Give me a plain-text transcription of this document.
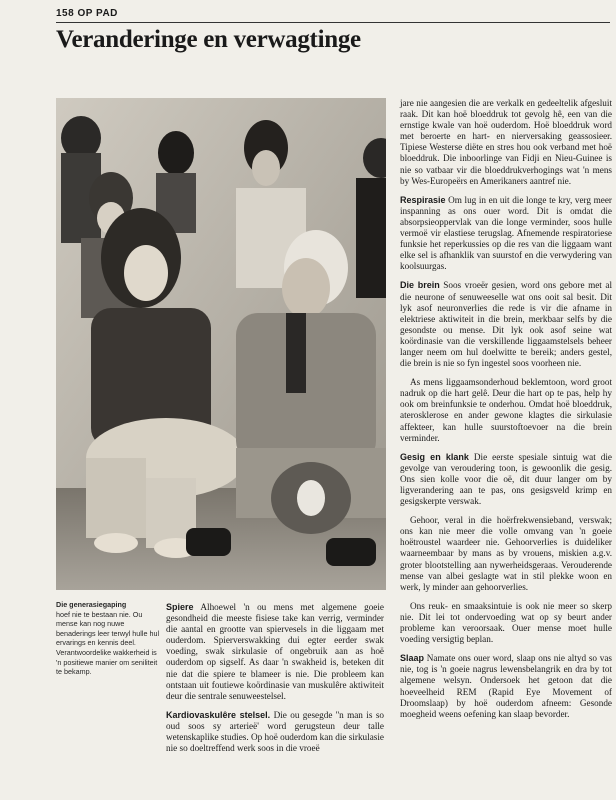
158 OP PAD
Veranderinge en verwagtinge
Die generasiegaping
hoef nie te bestaan nie. Ou mense kan nog nuwe benaderings leer terwyl hulle hul ervarings en kennis deel. Verantwoordelike wakkerheid is 'n positiewe manier om seniliteit te bekamp.

Spiere Alhoewel 'n ou mens met algemene goeie gesondheid die meeste fisiese take kan verrig, verminder die aantal en grootte van spiervesels in die liggaam met ouderdom. Spierverswakking dui egter eerder swak voeding, swak sirkulasie of ongebruik aan as hoë ouderdom op sigself. As daar 'n swakheid is, beteken dit nie dat die spiere te blameer is nie. Die probleem kan ontstaan uit foutiewe koördinasie van muskulêre aktiwiteit deur die sentrale senuweestelsel.

Kardiovaskulêre stelsel. Die ou gesegde ''n man is so oud soos sy arterieë' word gerugsteun deur talle wetenskaplike studies. Op hoë ouderdom kan die sirkulasie nie so doeltreffend werk soos in die vroeë

jare nie aangesien die are verkalk en gedeeltelik afgesluit raak. Dit kan hoë bloeddruk tot gevolg hê, een van die ernstige kwale van hoë ouderdom. Hoë bloeddruk word met beroerte en hart- en nierversaking geassosieer. Tipiese Westerse diëte en stres hou ook verband met hoë bloeddruk. Die inboorlinge van Fidji en Nieu-Guinee is nie so vatbaar vir die bloeddrukverhogings wat 'n mens by Wes-Europeërs en Amerikaners aantref nie.

Respirasie Om lug in en uit die longe te kry, verg meer inspanning as ons ouer word. Dit is omdat die absorpsieoppervlak van die longe verminder, soos hulle vermoë vir elastiese terugslag. Afnemende respiratoriese funksie het reperkussies op die res van die liggaam want elke sel is afhanklik van suurstof en die verwydering van koolsuurgas.

Die brein Soos vroeër gesien, word ons gebore met al die neurone of senuweeselle wat ons ooit sal besit. Dit lyk asof neuronverlies die rede is vir die afname in elektriese aktiwiteit in die brein, merkbaar selfs by die gesondste ou mense. Dit lyk ook asof seine wat koördinasie van die verskillende liggaamstelsels beheer langer neem om hul doelwitte te bereik; anders gestel, die brein is nie so fyn ingestel soos voorheen nie.

As mens liggaamsonderhoud beklemtoon, word groot nadruk op die hart gelê. Deur die hart op te pas, help hy ook om breinfunksie te onderhou. Omdat hoë bloeddruk, aterosklerose en ander gewone klagtes die sirkulasie affekteer, kan hulle suurstoftoevoer na die brein verminder.

Gesig en klank Die eerste spesiale sintuig wat die gevolge van veroudering toon, is gewoonlik die gesig. Ons sien kolle voor die oë, dit duur langer om by ligverandering aan te pas, ons gesigsveld krimp en gesigskerpte verswak.

Gehoor, veral in die hoërfrekwensieband, verswak; ons kan nie meer die volle omvang van 'n goeie hoëtroustel waardeer nie. Gehoorverlies is duideliker waarneembaar by mans as by vrouens, miskien a.g.v. groter blootstelling aan nywerheidsgeraas. Verouderende mense van albei geslagte wat in stil plekke woon en werk, ly minder aan gehoorverlies.

Ons reuk- en smaaksintuie is ook nie meer so skerp nie. Dit lei tot ondervoeding wat op sy beurt ander probleme kan veroorsaak. Ouer mense moet hulle voeding versigtig beplan.

Slaap Namate ons ouer word, slaap ons nie altyd so vas nie, tog is 'n goeie nagrus lewensbelangrik en dra by tot algemene welsyn. Ondersoek het getoon dat die hoeveelheid REM (Rapid Eye Movement of Droomslaap) by hoë ouderdom afneem: Gesonde moegheid weens oefening kan slaap bevorder.
